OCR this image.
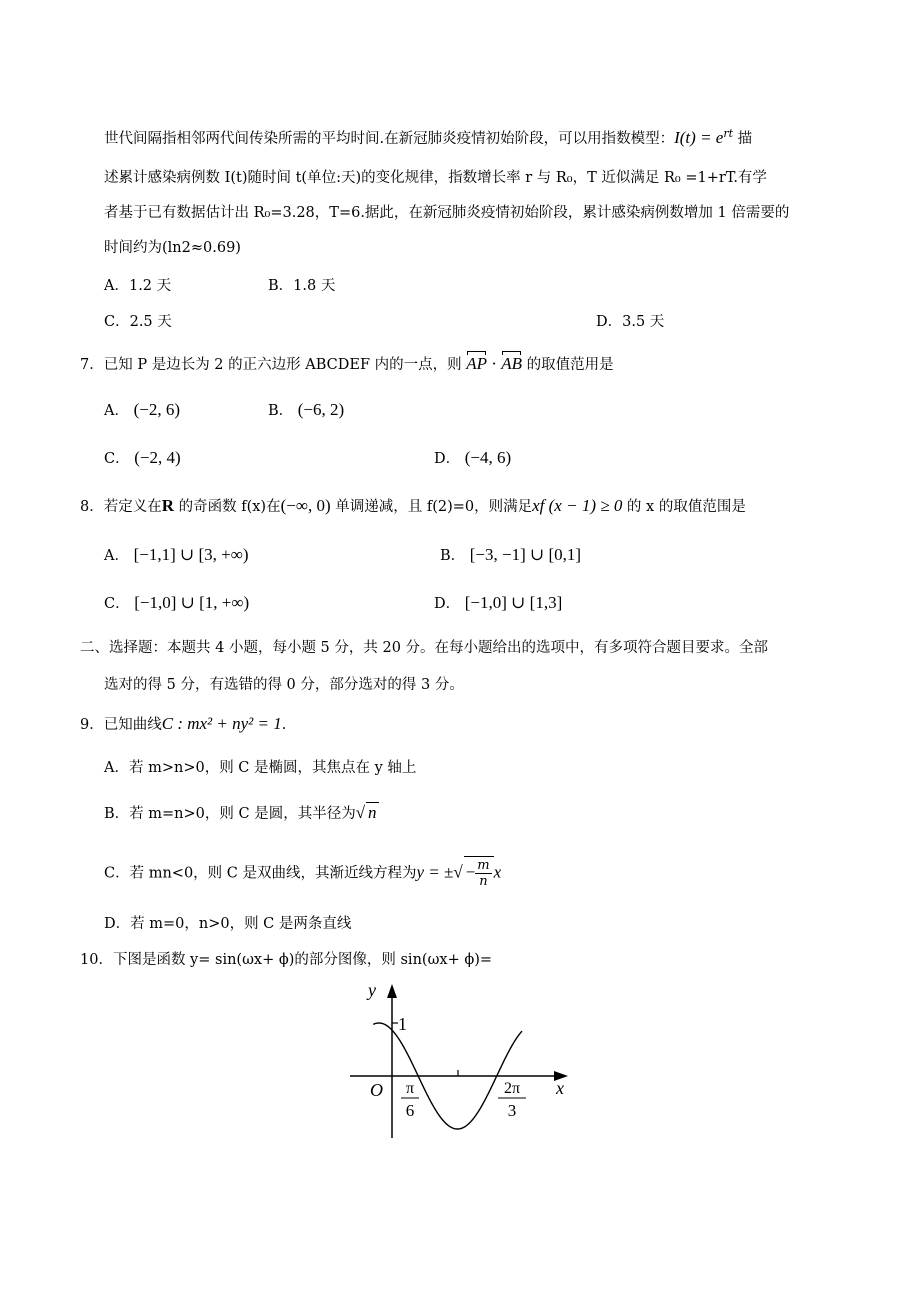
世代间隔指相邻两代间传染所需的平均时间.在新冠肺炎疫情初始阶段，可以用指数模型：$I(t) = e^{rt}$ 描
述累计感染病例数 I(t)随时间 t(单位:天)的变化规律，指数增长率 r 与 R₀，T 近似满足 R₀ =1+rT.有学
者基于已有数据估计出 R₀=3.28，T=6.据此，在新冠肺炎疫情初始阶段，累计感染病例数增加 1 倍需要的
时间约为(ln2≈0.69)
A．1.2 天	B．1.8 天
C．2.5 天	D．3.5 天
7．已知 P 是边长为 2 的正六边形 ABCDEF 内的一点，则 AP · AB 的取值范用是
A． (−2, 6)	B． (−6, 2)
C． (−2, 4)	D． (−4, 6)
8．若定义在R 的奇函数 f(x)在(−∞, 0) 单调递减，且 f(2)=0，则满足xf (x − 1) ≥ 0 的 x 的取值范围是
A． [−1,1] ∪ [3, +∞)	B． [−3, −1] ∪ [0,1]
C． [−1,0] ∪ [1, +∞)	D． [−1,0] ∪ [1,3]
二、选择题：本题共 4 小题，每小题 5 分，共 20 分。在每小题给出的选项中，有多项符合题目要求。全部
选对的得 5 分，有选错的得 0 分，部分选对的得 3 分。
9．已知曲线C : mx² + ny² = 1.
A．若 m>n>0，则 C 是椭圆，其焦点在 y 轴上
B．若 m=n>0，则 C 是圆，其半径为√ n
C．若 mn<0，则 C 是双曲线，其渐近线方程为y = ±√ − $\frac{m}{n}$ x
D．若 m=0，n>0，则 C 是两条直线
10．下图是函数 y= sin(ωx+ ϕ)的部分图像，则 sin(ωx+ ϕ)=
y
x
1
O π
6
2π
3
